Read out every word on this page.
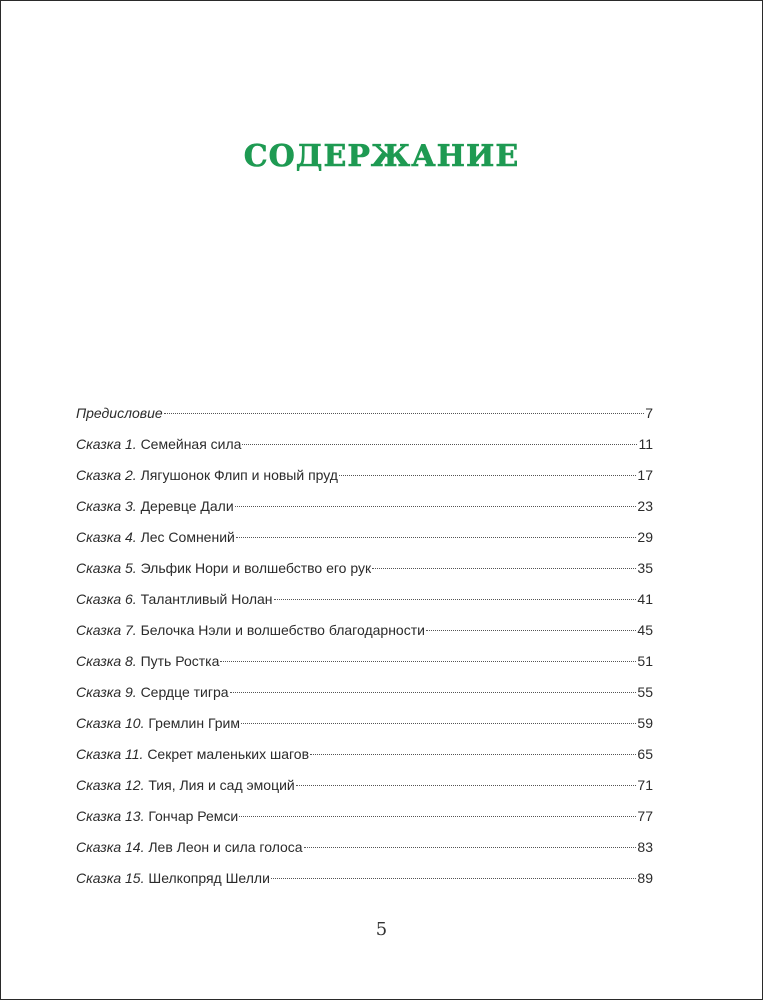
СОДЕРЖАНИЕ
Предисловие	7
Сказка 1. Семейная сила	11
Сказка 2. Лягушонок Флип и новый пруд	17
Сказка 3. Деревце Дали	23
Сказка 4. Лес Сомнений	29
Сказка 5. Эльфик Нори и волшебство его рук	35
Сказка 6. Талантливый Нолан	41
Сказка 7. Белочка Нэли и волшебство благодарности	45
Сказка 8. Путь Ростка	51
Сказка 9. Сердце тигра	55
Сказка 10. Гремлин Грим	59
Сказка 11. Секрет маленьких шагов	65
Сказка 12. Тия, Лия и сад эмоций	71
Сказка 13. Гончар Ремси	77
Сказка 14. Лев Леон и сила голоса	83
Сказка 15. Шелкопряд Шелли	89
5
